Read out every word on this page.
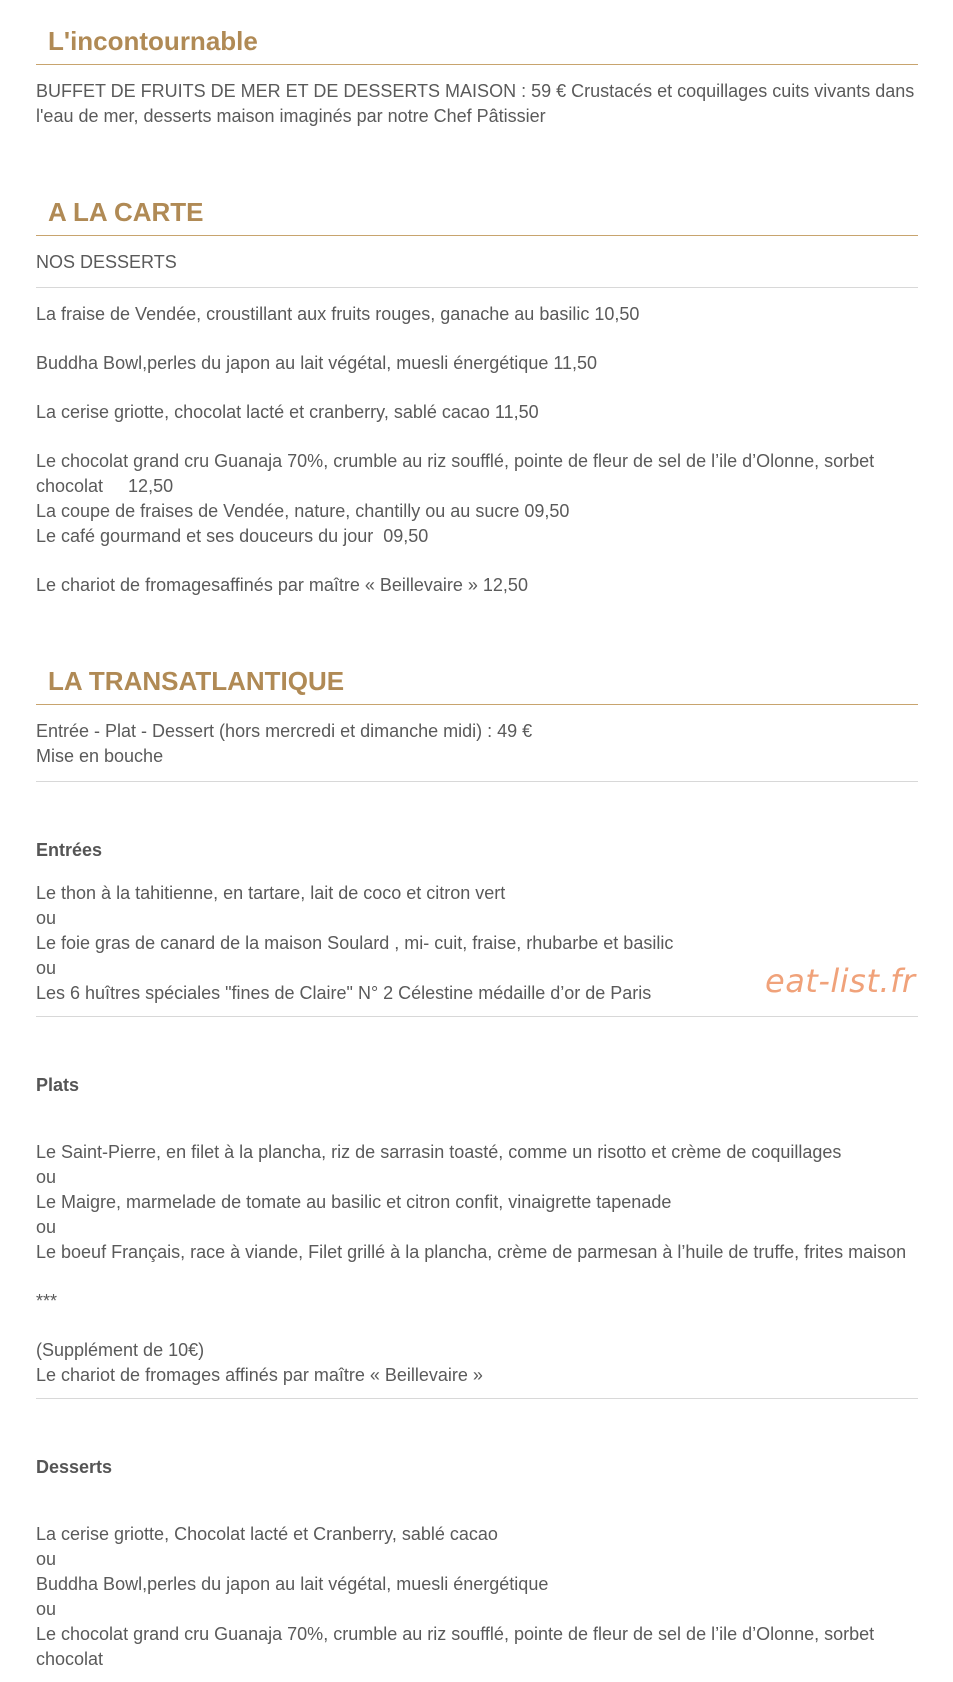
L'incontournable

BUFFET DE FRUITS DE MER ET DE DESSERTS MAISON : 59 € Crustacés et coquillages cuits vivants dans l'eau de mer, desserts maison imaginés par notre Chef Pâtissier

A LA CARTE

NOS DESSERTS

La fraise de Vendée, croustillant aux fruits rouges, ganache au basilic 10,50

Buddha Bowl,perles du japon au lait végétal, muesli énergétique 11,50

La cerise griotte, chocolat lacté et cranberry, sablé cacao 11,50

Le chocolat grand cru Guanaja 70%, crumble au riz soufflé, pointe de fleur de sel de l’ile d’Olonne, sorbet chocolat     12,50

La coupe de fraises de Vendée, nature, chantilly ou au sucre 09,50

Le café gourmand et ses douceurs du jour  09,50

Le chariot de fromagesaffinés par maître « Beillevaire » 12,50

LA TRANSATLANTIQUE

Entrée - Plat - Dessert (hors mercredi et dimanche midi) : 49 €

Mise en bouche

Entrées

Le thon à la tahitienne, en tartare, lait de coco et citron vert

ou

Le foie gras de canard de la maison Soulard , mi- cuit, fraise, rhubarbe et basilic

ou

Les 6 huîtres spéciales "fines de Claire" N° 2 Célestine médaille d’or de Paris

Plats

Le Saint-Pierre, en filet à la plancha, riz de sarrasin toasté, comme un risotto et crème de coquillages

ou

Le Maigre, marmelade de tomate au basilic et citron confit, vinaigrette tapenade

ou

Le boeuf Français, race à viande, Filet grillé à la plancha, crème de parmesan à l’huile de truffe, frites maison

***

(Supplément de 10€)

Le chariot de fromages affinés par maître « Beillevaire »

Desserts

La cerise griotte, Chocolat lacté et Cranberry, sablé cacao

ou

Buddha Bowl,perles du japon au lait végétal, muesli énergétique

ou

Le chocolat grand cru Guanaja 70%, crumble au riz soufflé, pointe de fleur de sel de l’ile d’Olonne, sorbet chocolat

eat-list.fr
